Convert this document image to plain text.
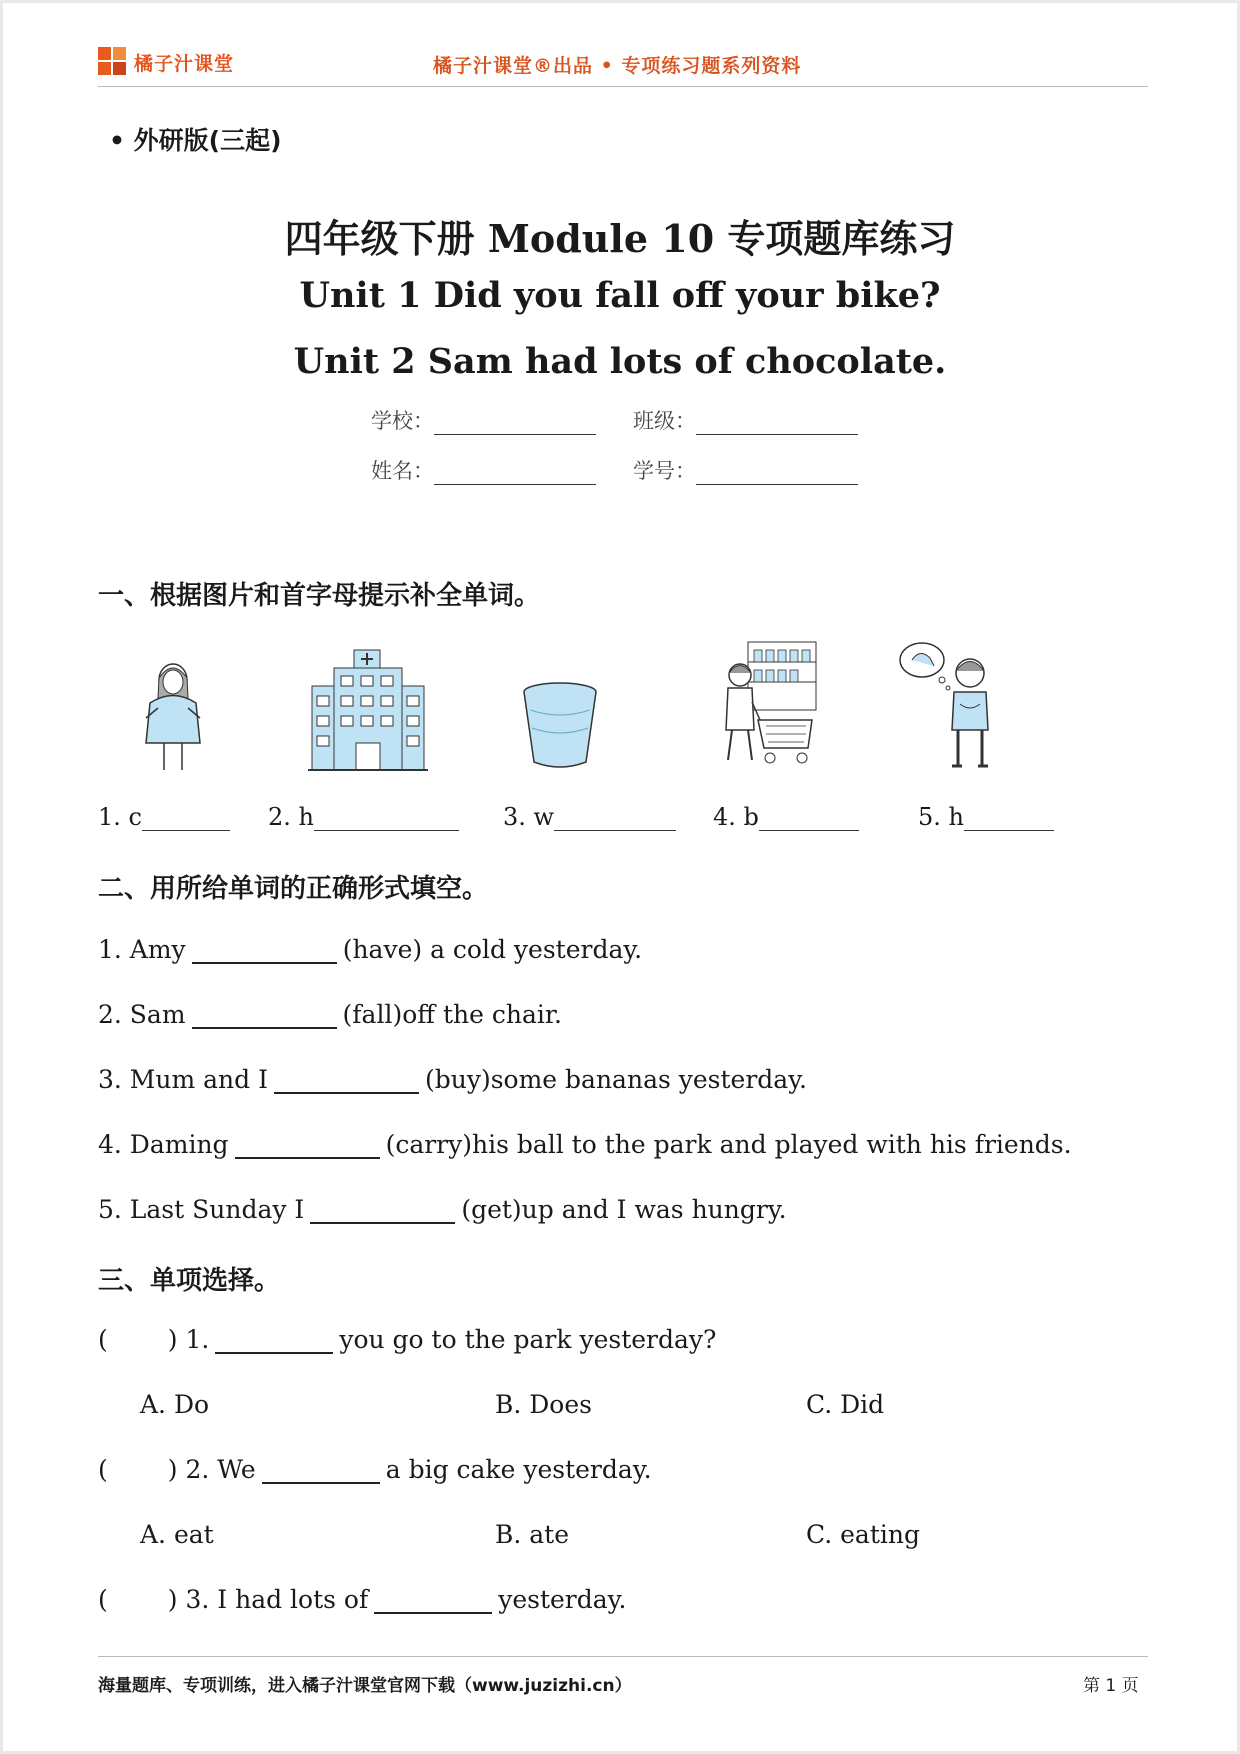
橘子汁课堂	橘子汁课堂®出品 • 专项练习题系列资料
• 外研版(三起)
四年级下册 Module 10 专项题库练习
Unit 1 Did you fall off your bike?
Unit 2 Sam had lots of chocolate.
学校：	班级：
姓名：	学号：
一、根据图片和首字母提示补全单词。
1. c	2. h	3. w	4. b	5. h
二、用所给单词的正确形式填空。
1. Amy	(have) a cold yesterday.
2. Sam	(fall)off the chair.
3. Mum and I	(buy)some bananas yesterday.
4. Daming	(carry)his ball to the park and played with his friends.
5. Last Sunday I	(get)up and I was hungry.
三、单项选择。
( ) 1.	you go to the park yesterday?
A. Do	B. Does	C. Did
( ) 2. We	a big cake yesterday.
A. eat	B. ate	C. eating
( ) 3. I had lots of	yesterday.
海量题库、专项训练，进入橘子汁课堂官网下载（www.juzizhi.cn）	第 1 页
